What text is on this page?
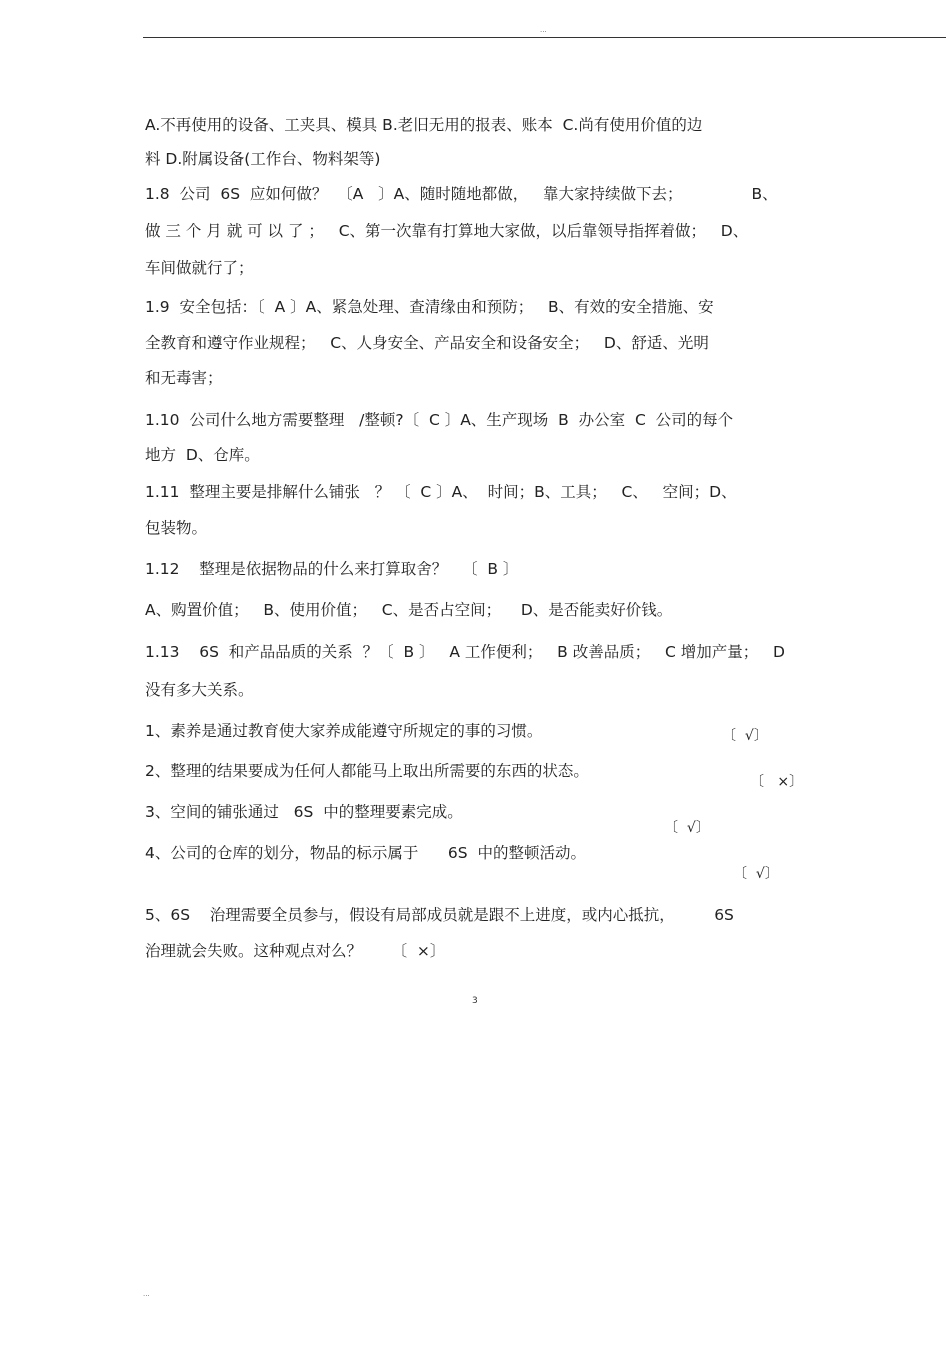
...
A.不再使用的设备、工夹具、模具 B.老旧无用的报表、账本  C.尚有使用价值的边
料 D.附属设备(工作台、物料架等)
1.8  公司  6S  应如何做？  〔A   〕A、随时随地都做，   靠大家持续做下去；              B、
做 三 个 月 就 可 以 了 ；   C、第一次靠有打算地大家做，以后靠领导指挥着做；   D、
车间做就行了；
1.9  安全包括：〔  A 〕A、紧急处理、查清缘由和预防；   B、有效的安全措施、安
全教育和遵守作业规程；   C、人身安全、产品安全和设备安全；   D、舒适、光明
和无毒害；
1.10  公司什么地方需要整理   /整顿?〔  C 〕A、生产现场  B  办公室  C  公司的每个
地方  D、仓库。
1.11  整理主要是排解什么铺张   ？ 〔  C 〕A、  时间；B、工具；   C、   空间；D、
包装物。
1.12    整理是依据物品的什么来打算取舍？   〔  B 〕
A、购置价值；   B、使用价值；   C、是否占空间；    D、是否能卖好价钱。
1.13    6S  和产品品质的关系  ？〔  B 〕   A 工作便利；   B 改善品质；   C 增加产量；   D
没有多大关系。
1、素养是通过教育使大家养成能遵守所规定的事的习惯。	〔  √〕
2、整理的结果要成为任何人都能马上取出所需要的东西的状态。
〔   ×〕
3、空间的铺张通过   6S  中的整理要素完成。
〔  √〕
4、公司的仓库的划分，物品的标示属于      6S  中的整顿活动。
〔  √〕
5、6S    治理需要全员参与，假设有局部成员就是跟不上进度，或内心抵抗，        6S
治理就会失败。这种观点对么？      〔  ×〕
3
...
